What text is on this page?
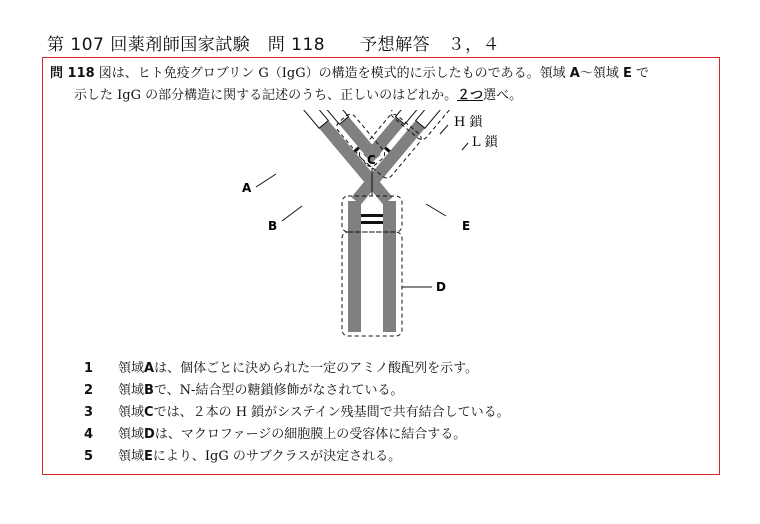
第 107 回薬剤師国家試験　問 118　　予想解答　３，４
問 118 図は、ヒト免疫グロブリン G（IgG）の構造を模式的に示したものである。領域 A～領域 E で
示した IgG の部分構造に関する記述のうち、正しいのはどれか。２つ選べ。
A
B
C
D
E
H 鎖
L 鎖
1	領域 A は、個体ごとに決められた一定のアミノ酸配列を示す。
2	領域 B で、N-結合型の糖鎖修飾がなされている。
3	領域 C では、２本の H 鎖がシステイン残基間で共有結合している。
4	領域 D は、マクロファージの細胞膜上の受容体に結合する。
5	領域 E により、IgG のサブクラスが決定される。
